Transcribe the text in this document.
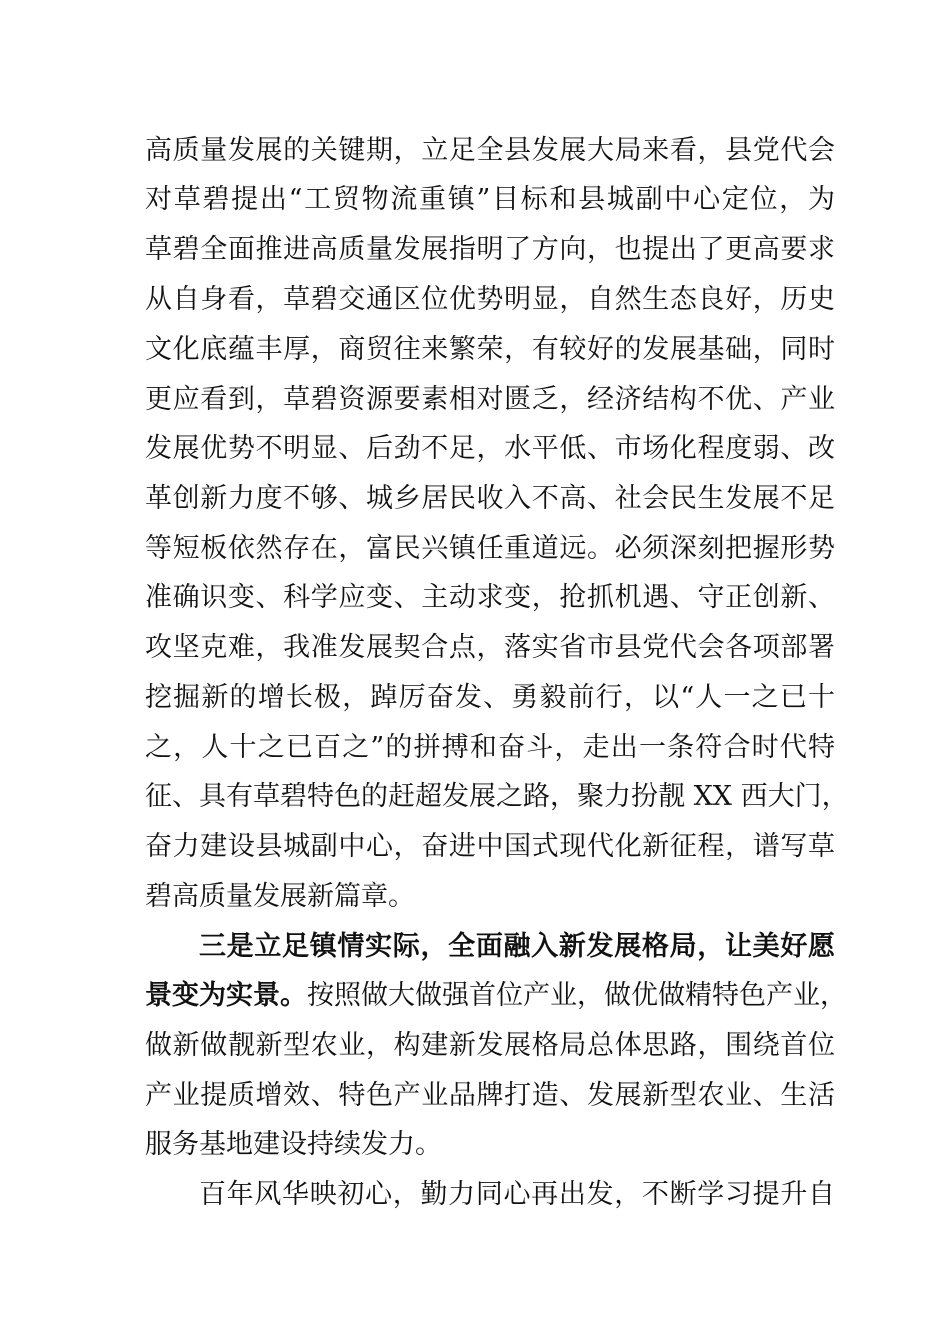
高质量发展的关键期，立足全县发展大局来看，县党代会
对草碧提出“工贸物流重镇”目标和县城副中心定位，为
草碧全面推进高质量发展指明了方向，也提出了更高要求
从自身看，草碧交通区位优势明显，自然生态良好，历史
文化底蕴丰厚，商贸往来繁荣，有较好的发展基础，同时
更应看到，草碧资源要素相对匮乏，经济结构不优、产业
发展优势不明显、后劲不足，水平低、市场化程度弱、改
革创新力度不够、城乡居民收入不高、社会民生发展不足
等短板依然存在，富民兴镇任重道远。必须深刻把握形势
准确识变、科学应变、主动求变，抢抓机遇、守正创新、
攻坚克难，我准发展契合点，落实省市县党代会各项部署
挖掘新的增长极，踔厉奋发、勇毅前行，以“人一之已十
之，人十之已百之”的拼搏和奋斗，走出一条符合时代特
征、具有草碧特色的赶超发展之路，聚力扮靓 XX 西大门，
奋力建设县城副中心，奋进中国式现代化新征程，谱写草
碧高质量发展新篇章。
三是立足镇情实际，全面融入新发展格局，让美好愿
景变为实景。按照做大做强首位产业，做优做精特色产业，
做新做靓新型农业，构建新发展格局总体思路，围绕首位
产业提质增效、特色产业品牌打造、发展新型农业、生活
服务基地建设持续发力。
百年风华映初心，勤力同心再出发，不断学习提升自
